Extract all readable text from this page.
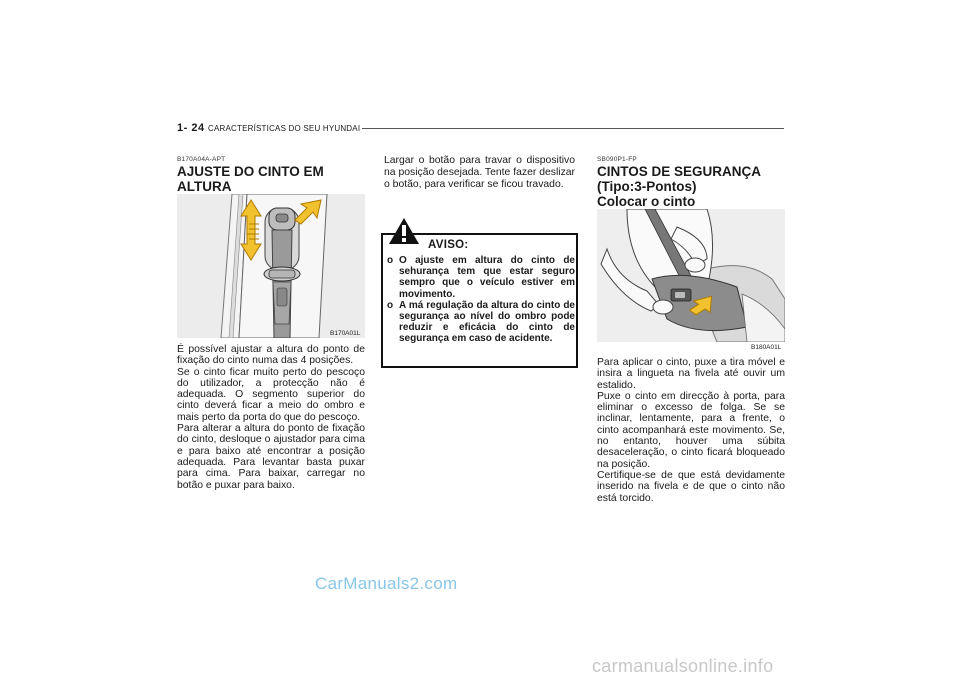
1- 24 CARACTERÍSTICAS DO SEU HYUNDAI
B170A04A-APT
AJUSTE DO CINTO EM ALTURA
B170A01L
É possível ajustar a altura do ponto de fixação do cinto numa das 4 posições.
Se o cinto ficar muito perto do pescoço do utilizador, a protecção não é adequada. O segmento superior do cinto deverá ficar a meio do ombro e mais perto da porta do que do pescoço.
Para alterar a altura do ponto de fixação do cinto, desloque o ajustador para cima e para baixo até encontrar a posição adequada. Para levantar basta puxar para cima. Para baixar, carregar no botão e puxar para baixo.
Largar o botão para travar o dispositivo na posição desejada. Tente fazer deslizar o botão, para verificar se ficou travado.
AVISO:
o O ajuste em altura do cinto de sehurança tem que estar seguro sempro que o veículo estiver em movimento.
o A má regulação da altura do cinto de segurança ao nível do ombro pode reduzir e eficácia do cinto de segurança em caso de acidente.
SB090P1-FP
CINTOS DE SEGURANÇA
(Tipo:3-Pontos)
Colocar o cinto
B180A01L
Para aplicar o cinto, puxe a tira móvel e insira a lingueta na fivela até ouvir um estalido.
Puxe o cinto em direcção à porta, para eliminar o excesso de folga. Se se inclinar, lentamente, para a frente, o cinto acompanhará este movimento. Se, no entanto, houver uma súbita desaceleração, o cinto ficará bloqueado na posição.
Certifique-se de que está devidamente inserido na fivela e de que o cinto não está torcido.
CarManuals2.com
carmanualsonline.info
